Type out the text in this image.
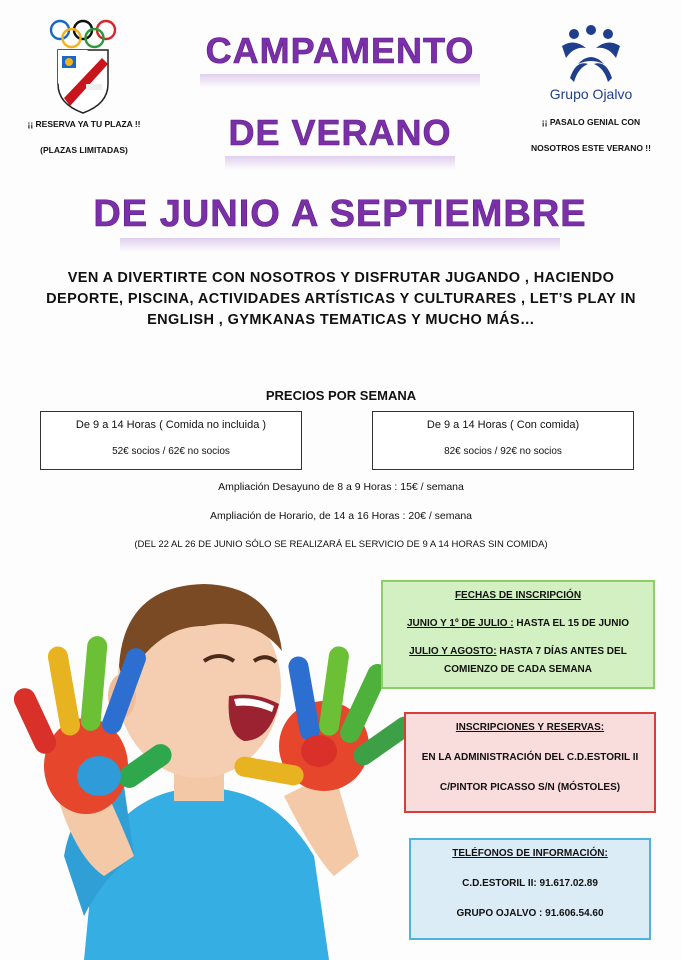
¡¡ RESERVA YA TU PLAZA !!
(PLAZAS LIMITADAS)
Grupo Ojalvo
¡¡ PASALO GENIAL CON
NOSOTROS ESTE VERANO !!
CAMPAMENTO
DE VERANO
DE JUNIO A SEPTIEMBRE
VEN A DIVERTIRTE CON NOSOTROS Y DISFRUTAR JUGANDO , HACIENDO
DEPORTE, PISCINA, ACTIVIDADES ARTÍSTICAS Y CULTURARES , LET’S PLAY IN
ENGLISH , GYMKANAS TEMATICAS Y MUCHO MÁS…
PRECIOS POR SEMANA
De 9 a 14 Horas ( Comida no incluida )
52€ socios / 62€ no socios
De 9 a 14 Horas ( Con comida)
82€ socios / 92€ no socios
Ampliación Desayuno de 8 a 9 Horas : 15€ / semana
Ampliación de Horario, de 14 a 16 Horas : 20€ / semana
(DEL 22 AL 26 DE JUNIO SÓLO SE REALIZARÁ EL SERVICIO DE 9 A 14 HORAS SIN COMIDA)
FECHAS DE INSCRIPCIÓN
JUNIO Y 1º DE JULIO : HASTA EL 15 DE JUNIO
JULIO Y AGOSTO: HASTA 7 DÍAS ANTES DEL
COMIENZO DE CADA SEMANA
INSCRIPCIONES Y RESERVAS:
EN LA ADMINISTRACIÓN DEL C.D.ESTORIL II
C/PINTOR PICASSO S/N (MÓSTOLES)
TELÉFONOS DE INFORMACIÓN:
C.D.ESTORIL II: 91.617.02.89
GRUPO OJALVO : 91.606.54.60
